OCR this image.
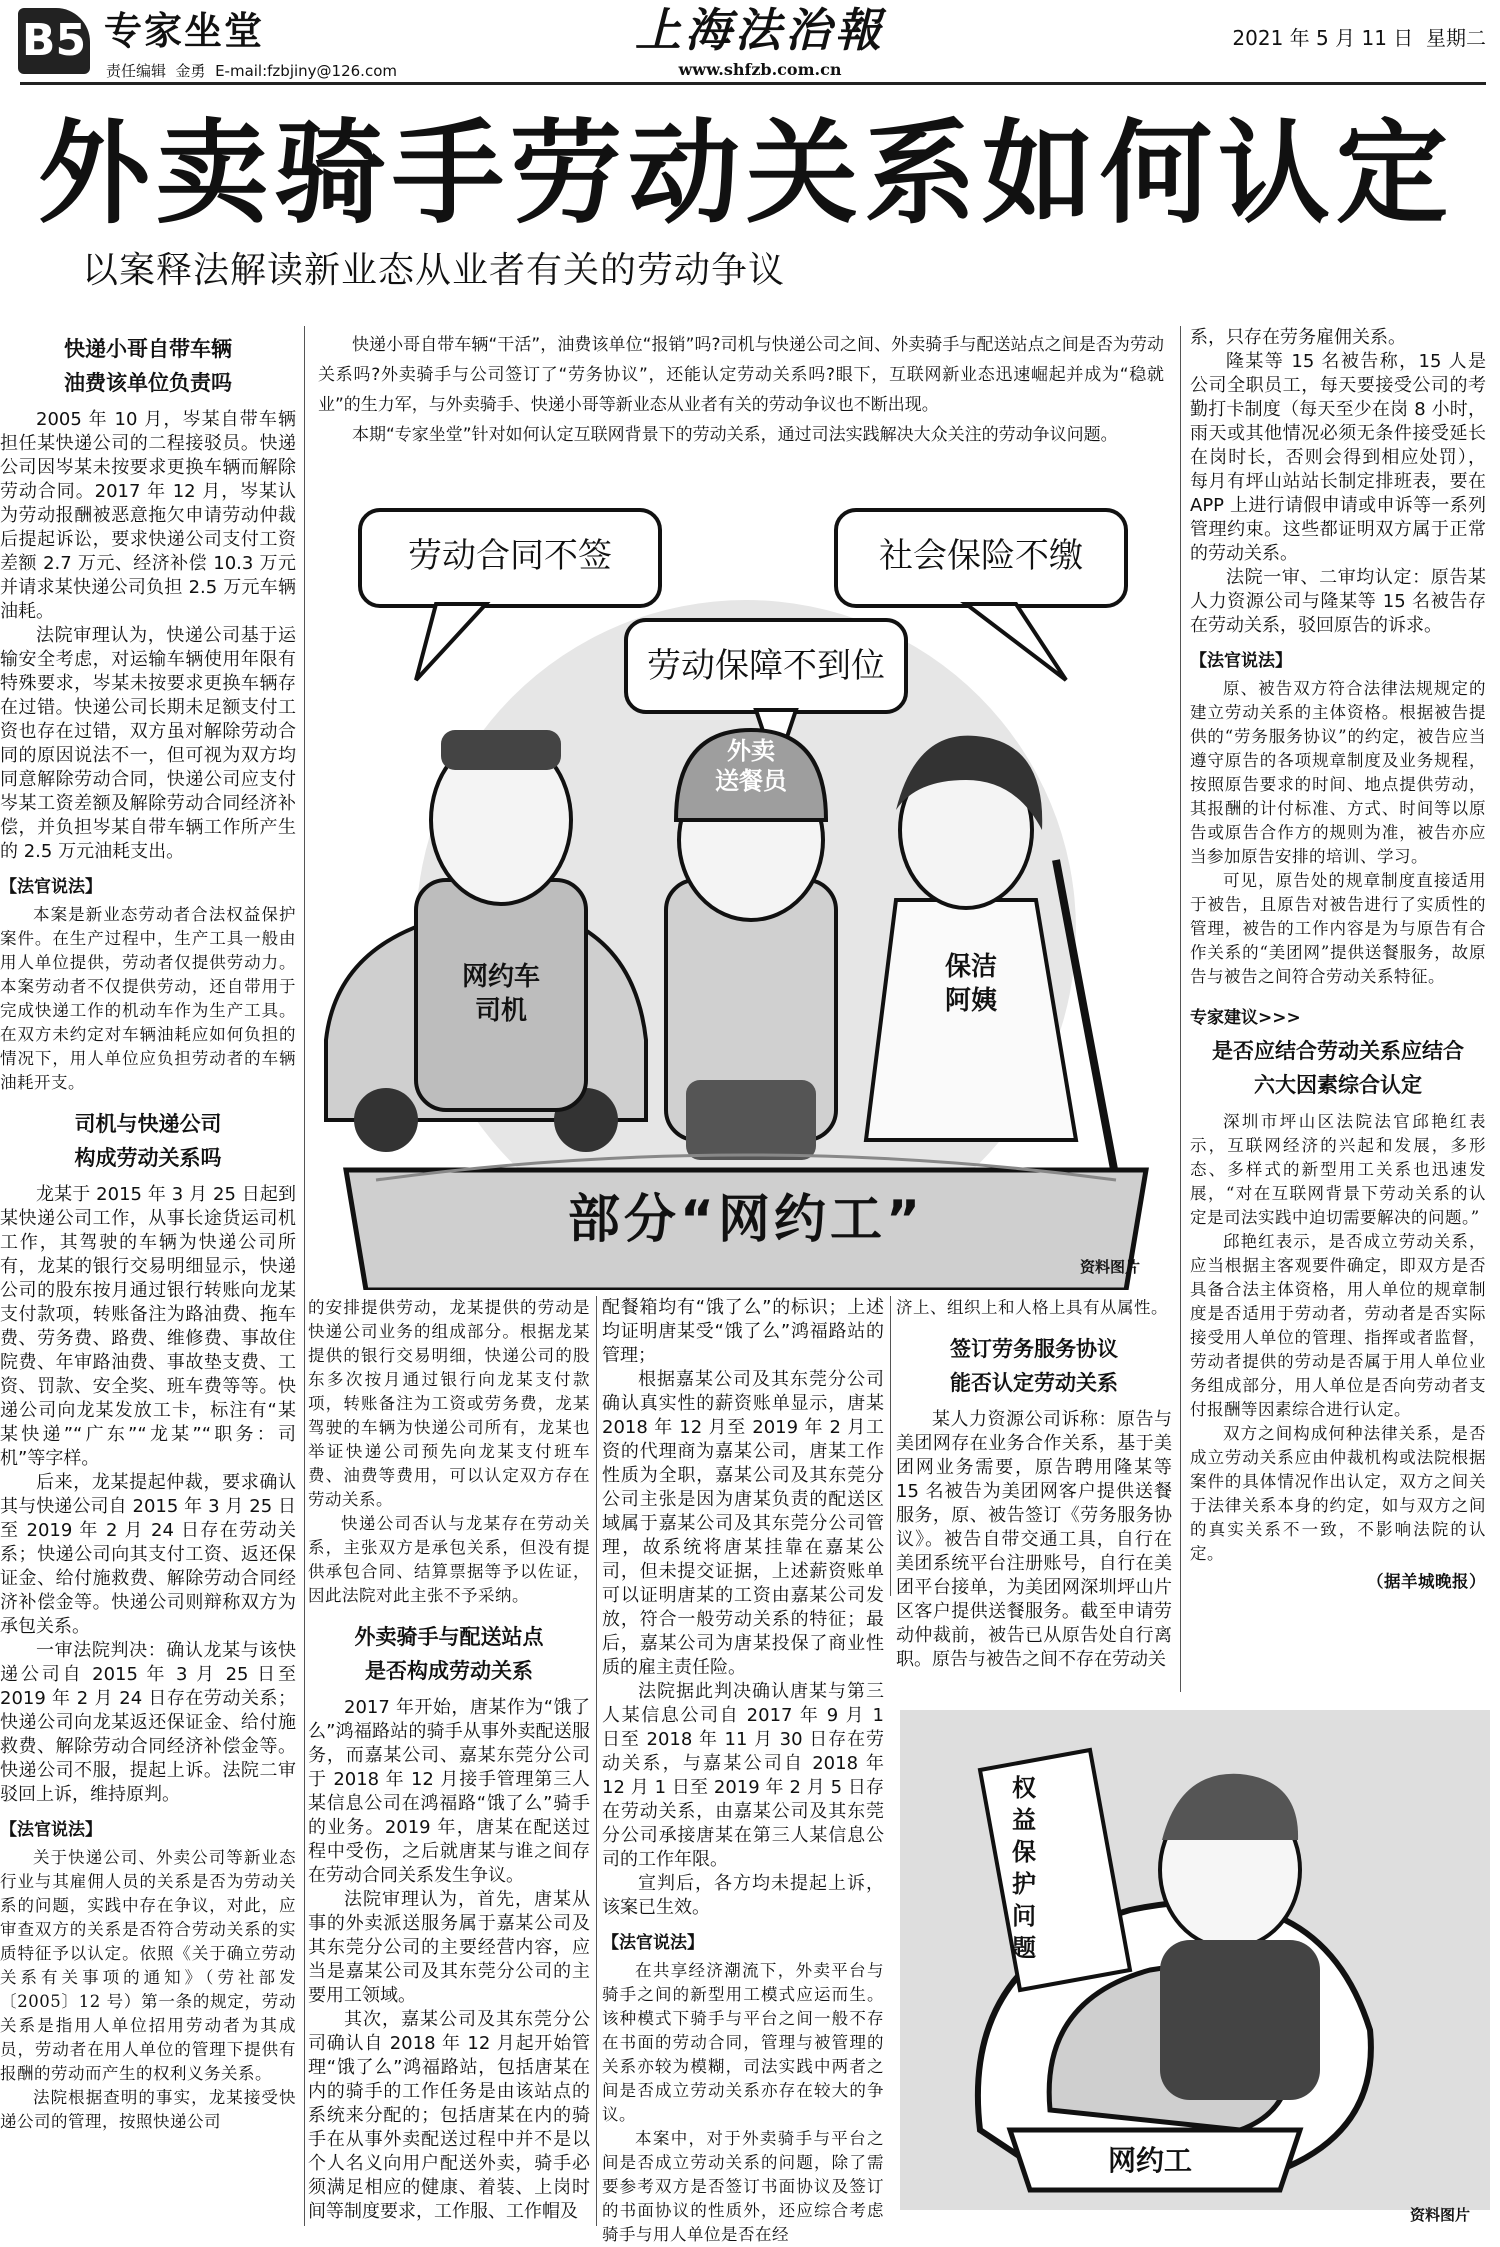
B5 专家坐堂
责任编辑  金勇  E-mail:fzbjiny@126.com
上海法治報
www.shfzb.com.cn
2021 年 5 月 11 日  星期二
外卖骑手劳动关系如何认定
以案释法解读新业态从业者有关的劳动争议
快递小哥自带车辆
油费该单位负责吗

2005 年 10 月，岑某自带车辆担任某快递公司的二程接驳员。快递公司因岑某未按要求更换车辆而解除劳动合同。2017 年 12 月，岑某认为劳动报酬被恶意拖欠申请劳动仲裁后提起诉讼，要求快递公司支付工资差额 2.7 万元、经济补偿 10.3 万元并请求某快递公司负担 2.5 万元车辆油耗。

法院审理认为，快递公司基于运输安全考虑，对运输车辆使用年限有特殊要求，岑某未按要求更换车辆存在过错。快递公司长期未足额支付工资也存在过错，双方虽对解除劳动合同的原因说法不一，但可视为双方均同意解除劳动合同，快递公司应支付岑某工资差额及解除劳动合同经济补偿，并负担岑某自带车辆工作所产生的 2.5 万元油耗支出。

【法官说法】

本案是新业态劳动者合法权益保护案件。在生产过程中，生产工具一般由用人单位提供，劳动者仅提供劳动力。本案劳动者不仅提供劳动，还自带用于完成快递工作的机动车作为生产工具。在双方未约定对车辆油耗应如何负担的情况下，用人单位应负担劳动者的车辆油耗开支。

司机与快递公司
构成劳动关系吗

龙某于 2015 年 3 月 25 日起到某快递公司工作，从事长途货运司机工作，其驾驶的车辆为快递公司所有，龙某的银行交易明细显示，快递公司的股东按月通过银行转账向龙某支付款项，转账备注为路油费、拖车费、劳务费、路费、维修费、事故住院费、年审路油费、事故垫支费、工资、罚款、安全奖、班车费等等。快递公司向龙某发放工卡，标注有“某某快递”“广东”“龙某”“职务：司机”等字样。

后来，龙某提起仲裁，要求确认其与快递公司自 2015 年 3 月 25 日至 2019 年 2 月 24 日存在劳动关系；快递公司向其支付工资、返还保证金、给付施救费、解除劳动合同经济补偿金等。快递公司则辩称双方为承包关系。

一审法院判决：确认龙某与该快递公司自 2015 年 3 月 25 日至 2019 年 2 月 24 日存在劳动关系；快递公司向龙某返还保证金、给付施救费、解除劳动合同经济补偿金等。快递公司不服，提起上诉。法院二审驳回上诉，维持原判。

【法官说法】

关于快递公司、外卖公司等新业态行业与其雇佣人员的关系是否为劳动关系的问题，实践中存在争议，对此，应审查双方的关系是否符合劳动关系的实质特征予以认定。依照《关于确立劳动关系有关事项的通知》（劳社部发〔2005〕12 号）第一条的规定，劳动关系是指用人单位招用劳动者为其成员，劳动者在用人单位的管理下提供有报酬的劳动而产生的权利义务关系。

法院根据查明的事实，龙某接受快递公司的管理，按照快递公司

快递小哥自带车辆“干活”，油费该单位“报销”吗?司机与快递公司之间、外卖骑手与配送站点之间是否为劳动关系吗?外卖骑手与公司签订了“劳务协议”，还能认定劳动关系吗?眼下，互联网新业态迅速崛起并成为“稳就业”的生力军，与外卖骑手、快递小哥等新业态从业者有关的劳动争议也不断出现。

本期“专家坐堂”针对如何认定互联网背景下的劳动关系，通过司法实践解决大众关注的劳动争议问题。

劳动合同不签	社会保险不缴
劳动保障不到位
网约车
司机
外卖
送餐员
保洁
阿姨
部分“网约工”
资料图片

的安排提供劳动，龙某提供的劳动是快递公司业务的组成部分。根据龙某提供的银行交易明细，快递公司的股东多次按月通过银行向龙某支付款项，转账备注为工资或劳务费，龙某驾驶的车辆为快递公司所有，龙某也举证快递公司预先向龙某支付班车费、油费等费用，可以认定双方存在劳动关系。

快递公司否认与龙某存在劳动关系，主张双方是承包关系，但没有提供承包合同、结算票据等予以佐证，因此法院对此主张不予采纳。

外卖骑手与配送站点
是否构成劳动关系

2017 年开始，唐某作为“饿了么”鸿福路站的骑手从事外卖配送服务，而嘉某公司、嘉某东莞分公司于 2018 年 12 月接手管理第三人某信息公司在鸿福路“饿了么”骑手的业务。2019 年，唐某在配送过程中受伤，之后就唐某与谁之间存在劳动合同关系发生争议。

法院审理认为，首先，唐某从事的外卖派送服务属于嘉某公司及其东莞分公司的主要经营内容，应当是嘉某公司及其东莞分公司的主要用工领域。

其次，嘉某公司及其东莞分公司确认自 2018 年 12 月起开始管理“饿了么”鸿福路站，包括唐某在内的骑手的工作任务是由该站点的系统来分配的；包括唐某在内的骑手在从事外卖配送过程中并不是以个人名义向用户配送外卖，骑手必须满足相应的健康、着装、上岗时间等制度要求，工作服、工作帽及

配餐箱均有“饿了么”的标识；上述均证明唐某受“饿了么”鸿福路站的管理；

根据嘉某公司及其东莞分公司确认真实性的薪资账单显示，唐某 2018 年 12 月至 2019 年 2 月工资的代理商为嘉某公司，唐某工作性质为全职，嘉某公司及其东莞分公司主张是因为唐某负责的配送区域属于嘉某公司及其东莞分公司管理，故系统将唐某挂靠在嘉某公司，但未提交证据，上述薪资账单可以证明唐某的工资由嘉某公司发放，符合一般劳动关系的特征；最后，嘉某公司为唐某投保了商业性质的雇主责任险。

法院据此判决确认唐某与第三人某信息公司自 2017 年 9 月 1 日至 2018 年 11 月 30 日存在劳动关系，与嘉某公司自 2018 年 12 月 1 日至 2019 年 2 月 5 日存在劳动关系，由嘉某公司及其东莞分公司承接唐某在第三人某信息公司的工作年限。

宣判后，各方均未提起上诉，该案已生效。

【法官说法】

在共享经济潮流下，外卖平台与骑手之间的新型用工模式应运而生。该种模式下骑手与平台之间一般不存在书面的劳动合同，管理与被管理的关系亦较为模糊，司法实践中两者之间是否成立劳动关系亦存在较大的争议。

本案中，对于外卖骑手与平台之间是否成立劳动关系的问题，除了需要参考双方是否签订书面协议及签订的书面协议的性质外，还应综合考虑骑手与用人单位是否在经

济上、组织上和人格上具有从属性。

签订劳务服务协议
能否认定劳动关系

某人力资源公司诉称：原告与美团网存在业务合作关系，基于美团网业务需要，原告聘用隆某等 15 名被告为美团网客户提供送餐服务，原、被告签订《劳务服务协议》。被告自带交通工具，自行在美团系统平台注册账号，自行在美团平台接单，为美团网深圳坪山片区客户提供送餐服务。截至申请劳动仲裁前，被告已从原告处自行离职。原告与被告之间不存在劳动关

系，只存在劳务雇佣关系。

隆某等 15 名被告称，15 人是公司全职员工，每天要接受公司的考勤打卡制度（每天至少在岗 8 小时，雨天或其他情况必须无条件接受延长在岗时长，否则会得到相应处罚），每月有坪山站站长制定排班表，要在 APP 上进行请假申请或申诉等一系列管理约束。这些都证明双方属于正常的劳动关系。

法院一审、二审均认定：原告某人力资源公司与隆某等 15 名被告存在劳动关系，驳回原告的诉求。

【法官说法】

原、被告双方符合法律法规规定的建立劳动关系的主体资格。根据被告提供的“劳务服务协议”的约定，被告应当遵守原告的各项规章制度及业务规程，按照原告要求的时间、地点提供劳动，其报酬的计付标准、方式、时间等以原告或原告合作方的规则为准，被告亦应当参加原告安排的培训、学习。

可见，原告处的规章制度直接适用于被告，且原告对被告进行了实质性的管理，被告的工作内容是为与原告有合作关系的“美团网”提供送餐服务，故原告与被告之间符合劳动关系特征。

专家建议>>>
是否应结合劳动关系应结合
六大因素综合认定

深圳市坪山区法院法官邱艳红表示，互联网经济的兴起和发展，多形态、多样式的新型用工关系也迅速发展，“对在互联网背景下劳动关系的认定是司法实践中迫切需要解决的问题。”

邱艳红表示，是否成立劳动关系，应当根据主客观要件确定，即双方是否具备合法主体资格，用人单位的规章制度是否适用于劳动者，劳动者是否实际接受用人单位的管理、指挥或者监督，劳动者提供的劳动是否属于用人单位业务组成部分，用人单位是否向劳动者支付报酬等因素综合进行认定。

双方之间构成何种法律关系，是否成立劳动关系应由仲裁机构或法院根据案件的具体情况作出认定，双方之间关于法律关系本身的约定，如与双方之间的真实关系不一致，不影响法院的认定。

（据羊城晚报）
权益保护问题
网约工
资料图片
